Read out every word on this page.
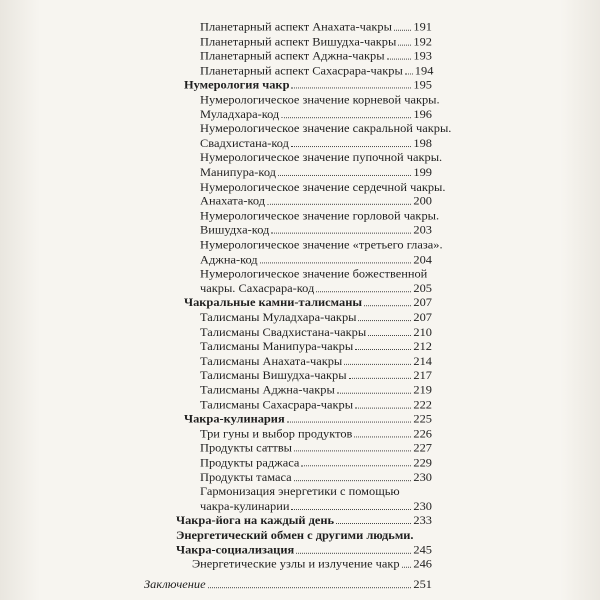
Планетарный аспект Анахата-чакры 191
Планетарный аспект Вишудха-чакры 192
Планетарный аспект Аджна-чакры 193
Планетарный аспект Сахасрара-чакры 194
Нумерология чакр	195
Нумерологическое значение корневой чакры.
Муладхара-код	196
Нумерологическое значение сакральной чакры.
Свадхистана-код	198
Нумерологическое значение пупочной чакры.
Манипура-код	199
Нумерологическое значение сердечной чакры.
Анахата-код	200
Нумерологическое значение горловой чакры.
Вишудха-код	203
Нумерологическое значение «третьего глаза».
Аджна-код	204
Нумерологическое значение божественной
чакры. Сахасрара-код	205
Чакральные камни-талисманы	207
Талисманы Муладхара-чакры	207
Талисманы Свадхистана-чакры	210
Талисманы Манипура-чакры	212
Талисманы Анахата-чакры	214
Талисманы Вишудха-чакры	217
Талисманы Аджна-чакры	219
Талисманы Сахасрара-чакры	222
Чакра-кулинария	225
Три гуны и выбор продуктов	226
Продукты саттвы	227
Продукты раджаса	229
Продукты тамаса	230
Гармонизация энергетики с помощью
чакра-кулинарии	230
Чакра-йога на каждый день	233
Энергетический обмен с другими людьми.
Чакра-социализация	245
Энергетические узлы и излучение чакр 246
Заключение	251
